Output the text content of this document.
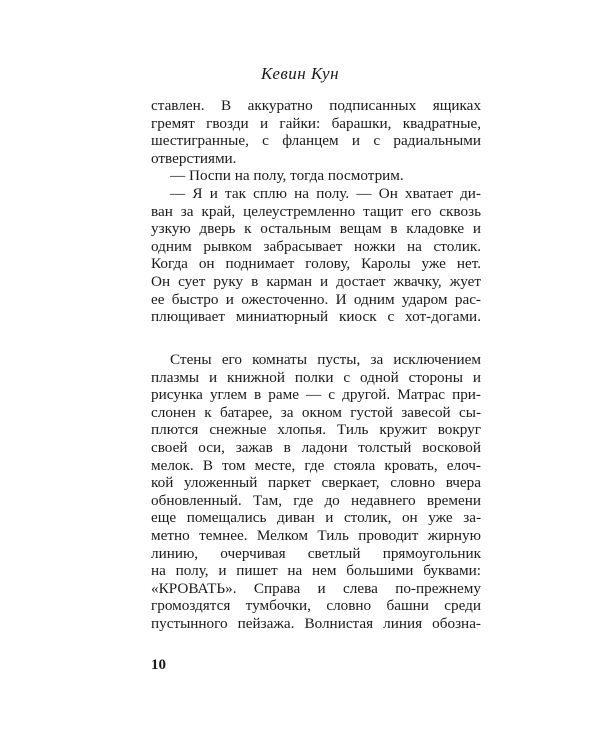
Кевин Кун
ставлен. В аккуратно подписанных ящиках
гремят гвозди и гайки: барашки, квадратные,
шестигранные, с фланцем и с радиальными
отверстиями.
— Поспи на полу, тогда посмотрим.
— Я и так сплю на полу. — Он хватает ди-
ван за край, целеустремленно тащит его сквозь
узкую дверь к остальным вещам в кладовке и
одним рывком забрасывает ножки на столик.
Когда он поднимает голову, Каролы уже нет.
Он сует руку в карман и достает жвачку, жует
ее быстро и ожесточенно. И одним ударом рас-
плющивает миниатюрный киоск с хот-догами.
Стены его комнаты пусты, за исключением
плазмы и книжной полки с одной стороны и
рисунка углем в раме — с другой. Матрас при-
слонен к батарее, за окном густой завесой сы-
плются снежные хлопья. Тиль кружит вокруг
своей оси, зажав в ладони толстый восковой
мелок. В том месте, где стояла кровать, елоч-
кой уложенный паркет сверкает, словно вчера
обновленный. Там, где до недавнего времени
еще помещались диван и столик, он уже за-
метно темнее. Мелком Тиль проводит жирную
линию, очерчивая светлый прямоугольник
на полу, и пишет на нем большими буквами:
«КРОВАТЬ». Справа и слева по-прежнему
громоздятся тумбочки, словно башни среди
пустынного пейзажа. Волнистая линия обозна-
10
